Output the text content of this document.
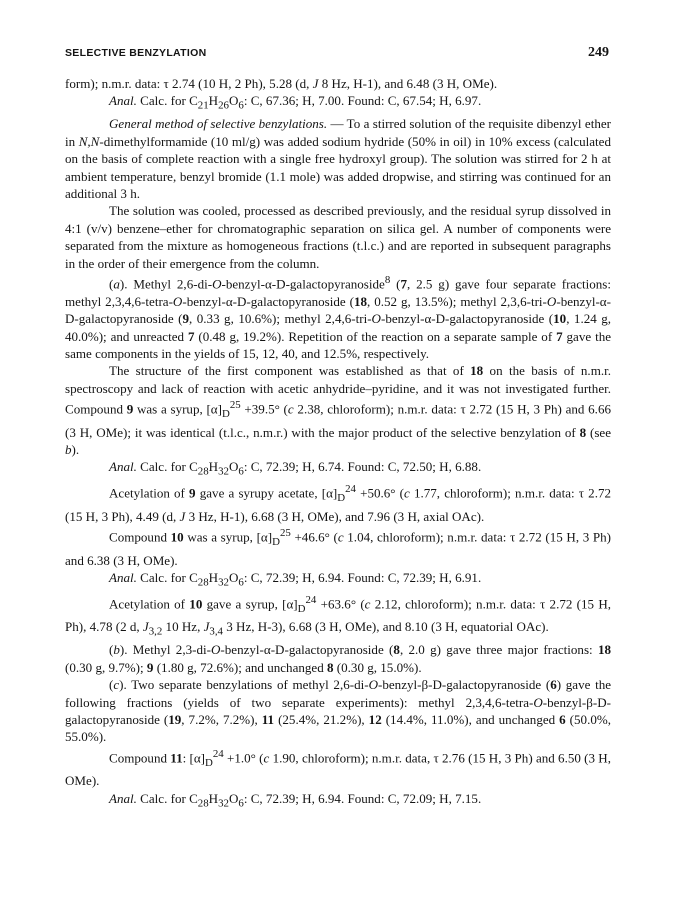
SELECTIVE BENZYLATION	249

form); n.m.r. data: τ 2.74 (10 H, 2 Ph), 5.28 (d, J 8 Hz, H-1), and 6.48 (3 H, OMe).

Anal. Calc. for $C_{21}H_{26}O_6$: C, 67.36; H, 7.00. Found: C, 67.54; H, 6.97.

General method of selective benzylations. — To a stirred solution of the requisite dibenzyl ether in N,N-dimethylformamide (10 ml/g) was added sodium hydride (50% in oil) in 10% excess (calculated on the basis of complete reaction with a single free hydroxyl group). The solution was stirred for 2 h at ambient temperature, benzyl bromide (1.1 mole) was added dropwise, and stirring was continued for an additional 3 h.

The solution was cooled, processed as described previously, and the residual syrup dissolved in 4:1 (v/v) benzene–ether for chromatographic separation on silica gel. A number of components were separated from the mixture as homogeneous fractions (t.l.c.) and are reported in subsequent paragraphs in the order of their emergence from the column.

(a). Methyl 2,6-di-O-benzyl-α-D-galactopyranoside$^8$ (7, 2.5 g) gave four separate fractions: methyl 2,3,4,6-tetra-O-benzyl-α-D-galactopyranoside (18, 0.52 g, 13.5%); methyl 2,3,6-tri-O-benzyl-α-D-galactopyranoside (9, 0.33 g, 10.6%); methyl 2,4,6-tri-O-benzyl-α-D-galactopyranoside (10, 1.24 g, 40.0%); and unreacted 7 (0.48 g, 19.2%). Repetition of the reaction on a separate sample of 7 gave the same components in the yields of 15, 12, 40, and 12.5%, respectively.

The structure of the first component was established as that of 18 on the basis of n.m.r. spectroscopy and lack of reaction with acetic anhydride–pyridine, and it was not investigated further. Compound 9 was a syrup, $[\alpha]_D^{25} +39.5^\circ$ (c 2.38, chloroform); n.m.r. data: τ 2.72 (15 H, 3 Ph) and 6.66 (3 H, OMe); it was identical (t.l.c., n.m.r.) with the major product of the selective benzylation of 8 (see b).

Anal. Calc. for $C_{28}H_{32}O_6$: C, 72.39; H, 6.74. Found: C, 72.50; H, 6.88.

Acetylation of 9 gave a syrupy acetate, $[\alpha]_D^{24} +50.6^\circ$ (c 1.77, chloroform); n.m.r. data: τ 2.72 (15 H, 3 Ph), 4.49 (d, J 3 Hz, H-1), 6.68 (3 H, OMe), and 7.96 (3 H, axial OAc).

Compound 10 was a syrup, $[\alpha]_D^{25} +46.6^\circ$ (c 1.04, chloroform); n.m.r. data: τ 2.72 (15 H, 3 Ph) and 6.38 (3 H, OMe).

Anal. Calc. for $C_{28}H_{32}O_6$: C, 72.39; H, 6.94. Found: C, 72.39; H, 6.91.

Acetylation of 10 gave a syrup, $[\alpha]_D^{24} +63.6^\circ$ (c 2.12, chloroform); n.m.r. data: τ 2.72 (15 H, Ph), 4.78 (2 d, $J_{3,2}$ 10 Hz, $J_{3,4}$ 3 Hz, H-3), 6.68 (3 H, OMe), and 8.10 (3 H, equatorial OAc).

(b). Methyl 2,3-di-O-benzyl-α-D-galactopyranoside (8, 2.0 g) gave three major fractions: 18 (0.30 g, 9.7%); 9 (1.80 g, 72.6%); and unchanged 8 (0.30 g, 15.0%).

(c). Two separate benzylations of methyl 2,6-di-O-benzyl-β-D-galactopyranoside (6) gave the following fractions (yields of two separate experiments): methyl 2,3,4,6-tetra-O-benzyl-β-D-galactopyranoside (19, 7.2%, 7.2%), 11 (25.4%, 21.2%), 12 (14.4%, 11.0%), and unchanged 6 (50.0%, 55.0%).

Compound 11: $[\alpha]_D^{24} +1.0^\circ$ (c 1.90, chloroform); n.m.r. data, τ 2.76 (15 H, 3 Ph) and 6.50 (3 H, OMe).

Anal. Calc. for $C_{28}H_{32}O_6$: C, 72.39; H, 6.94. Found: C, 72.09; H, 7.15.
